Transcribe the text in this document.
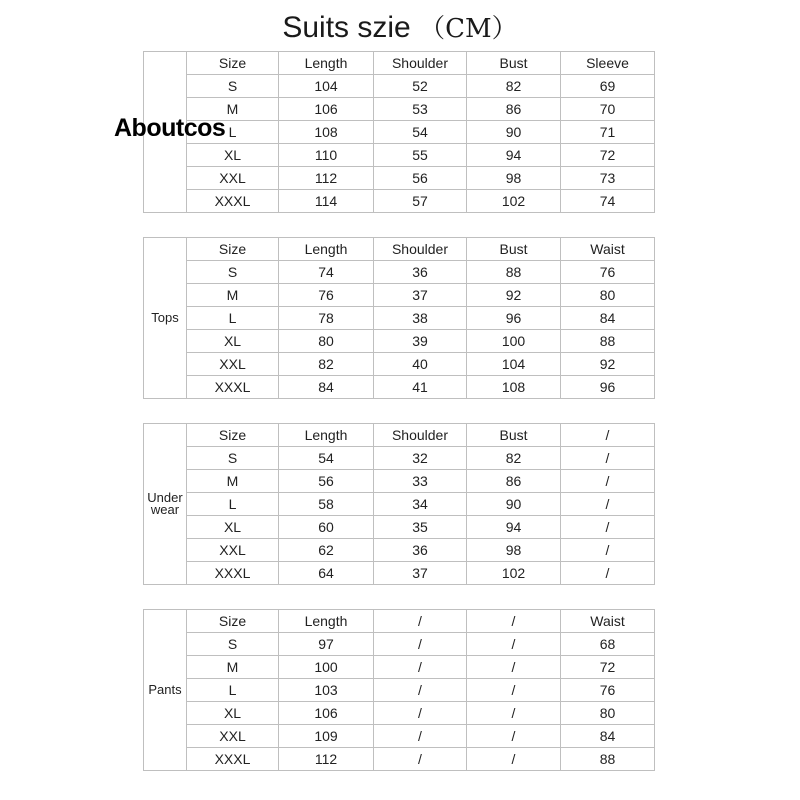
Suits szie （CM）
	Size	Length	Shoulder	Bust	Sleeve
	S	104	52	82	69
	M	106	53	86	70
	L	108	54	90	71
	XL	110	55	94	72
	XXL	112	56	98	73
	XXXL	114	57	102	74
Tops	Size	Length	Shoulder	Bust	Waist
	S	74	36	88	76
	M	76	37	92	80
	L	78	38	96	84
	XL	80	39	100	88
	XXL	82	40	104	92
	XXXL	84	41	108	96
Under wear	Size	Length	Shoulder	Bust	/
	S	54	32	82	/
	M	56	33	86	/
	L	58	34	90	/
	XL	60	35	94	/
	XXL	62	36	98	/
	XXXL	64	37	102	/
Pants	Size	Length	/	/	Waist
	S	97	/	/	68
	M	100	/	/	72
	L	103	/	/	76
	XL	106	/	/	80
	XXL	109	/	/	84
	XXXL	112	/	/	88
Aboutcos
